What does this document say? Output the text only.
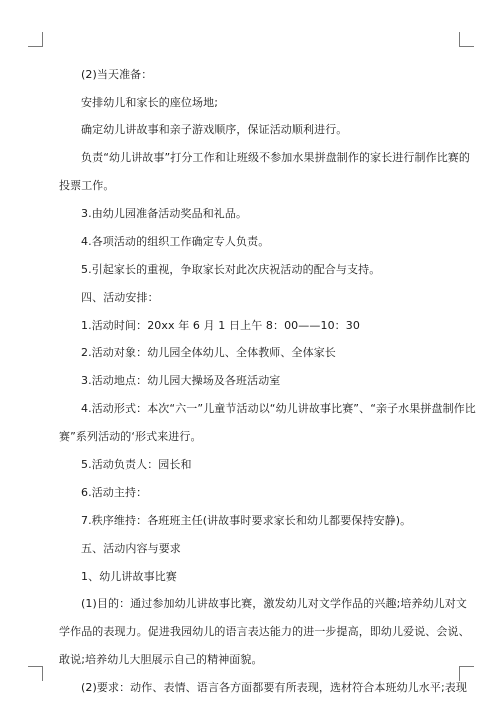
(2)当天准备：
安排幼儿和家长的座位场地;
确定幼儿讲故事和亲子游戏顺序，保证活动顺利进行。
负责“幼儿讲故事”打分工作和让班级不参加水果拼盘制作的家长进行制作比赛的
投票工作。
3.由幼儿园准备活动奖品和礼品。
4.各项活动的组织工作确定专人负责。
5.引起家长的重视，争取家长对此次庆祝活动的配合与支持。
四、活动安排：
1.活动时间：20xx 年 6 月 1 日上午 8：00——10：30
2.活动对象：幼儿园全体幼儿、全体教师、全体家长
3.活动地点：幼儿园大操场及各班活动室
4.活动形式：本次“六一”儿童节活动以“幼儿讲故事比赛”、“亲子水果拼盘制作比
赛”系列活动的‘形式来进行。
5.活动负责人：园长和
6.活动主持：
7.秩序维持：各班班主任(讲故事时要求家长和幼儿都要保持安静)。
五、活动内容与要求
1、幼儿讲故事比赛
(1)目的：通过参加幼儿讲故事比赛，激发幼儿对文学作品的兴趣;培养幼儿对文
学作品的表现力。促进我园幼儿的语言表达能力的进一步提高，即幼儿爱说、会说、
敢说;培养幼儿大胆展示自己的精神面貌。
(2)要求：动作、表情、语言各方面都要有所表现，选材符合本班幼儿水平;表现
